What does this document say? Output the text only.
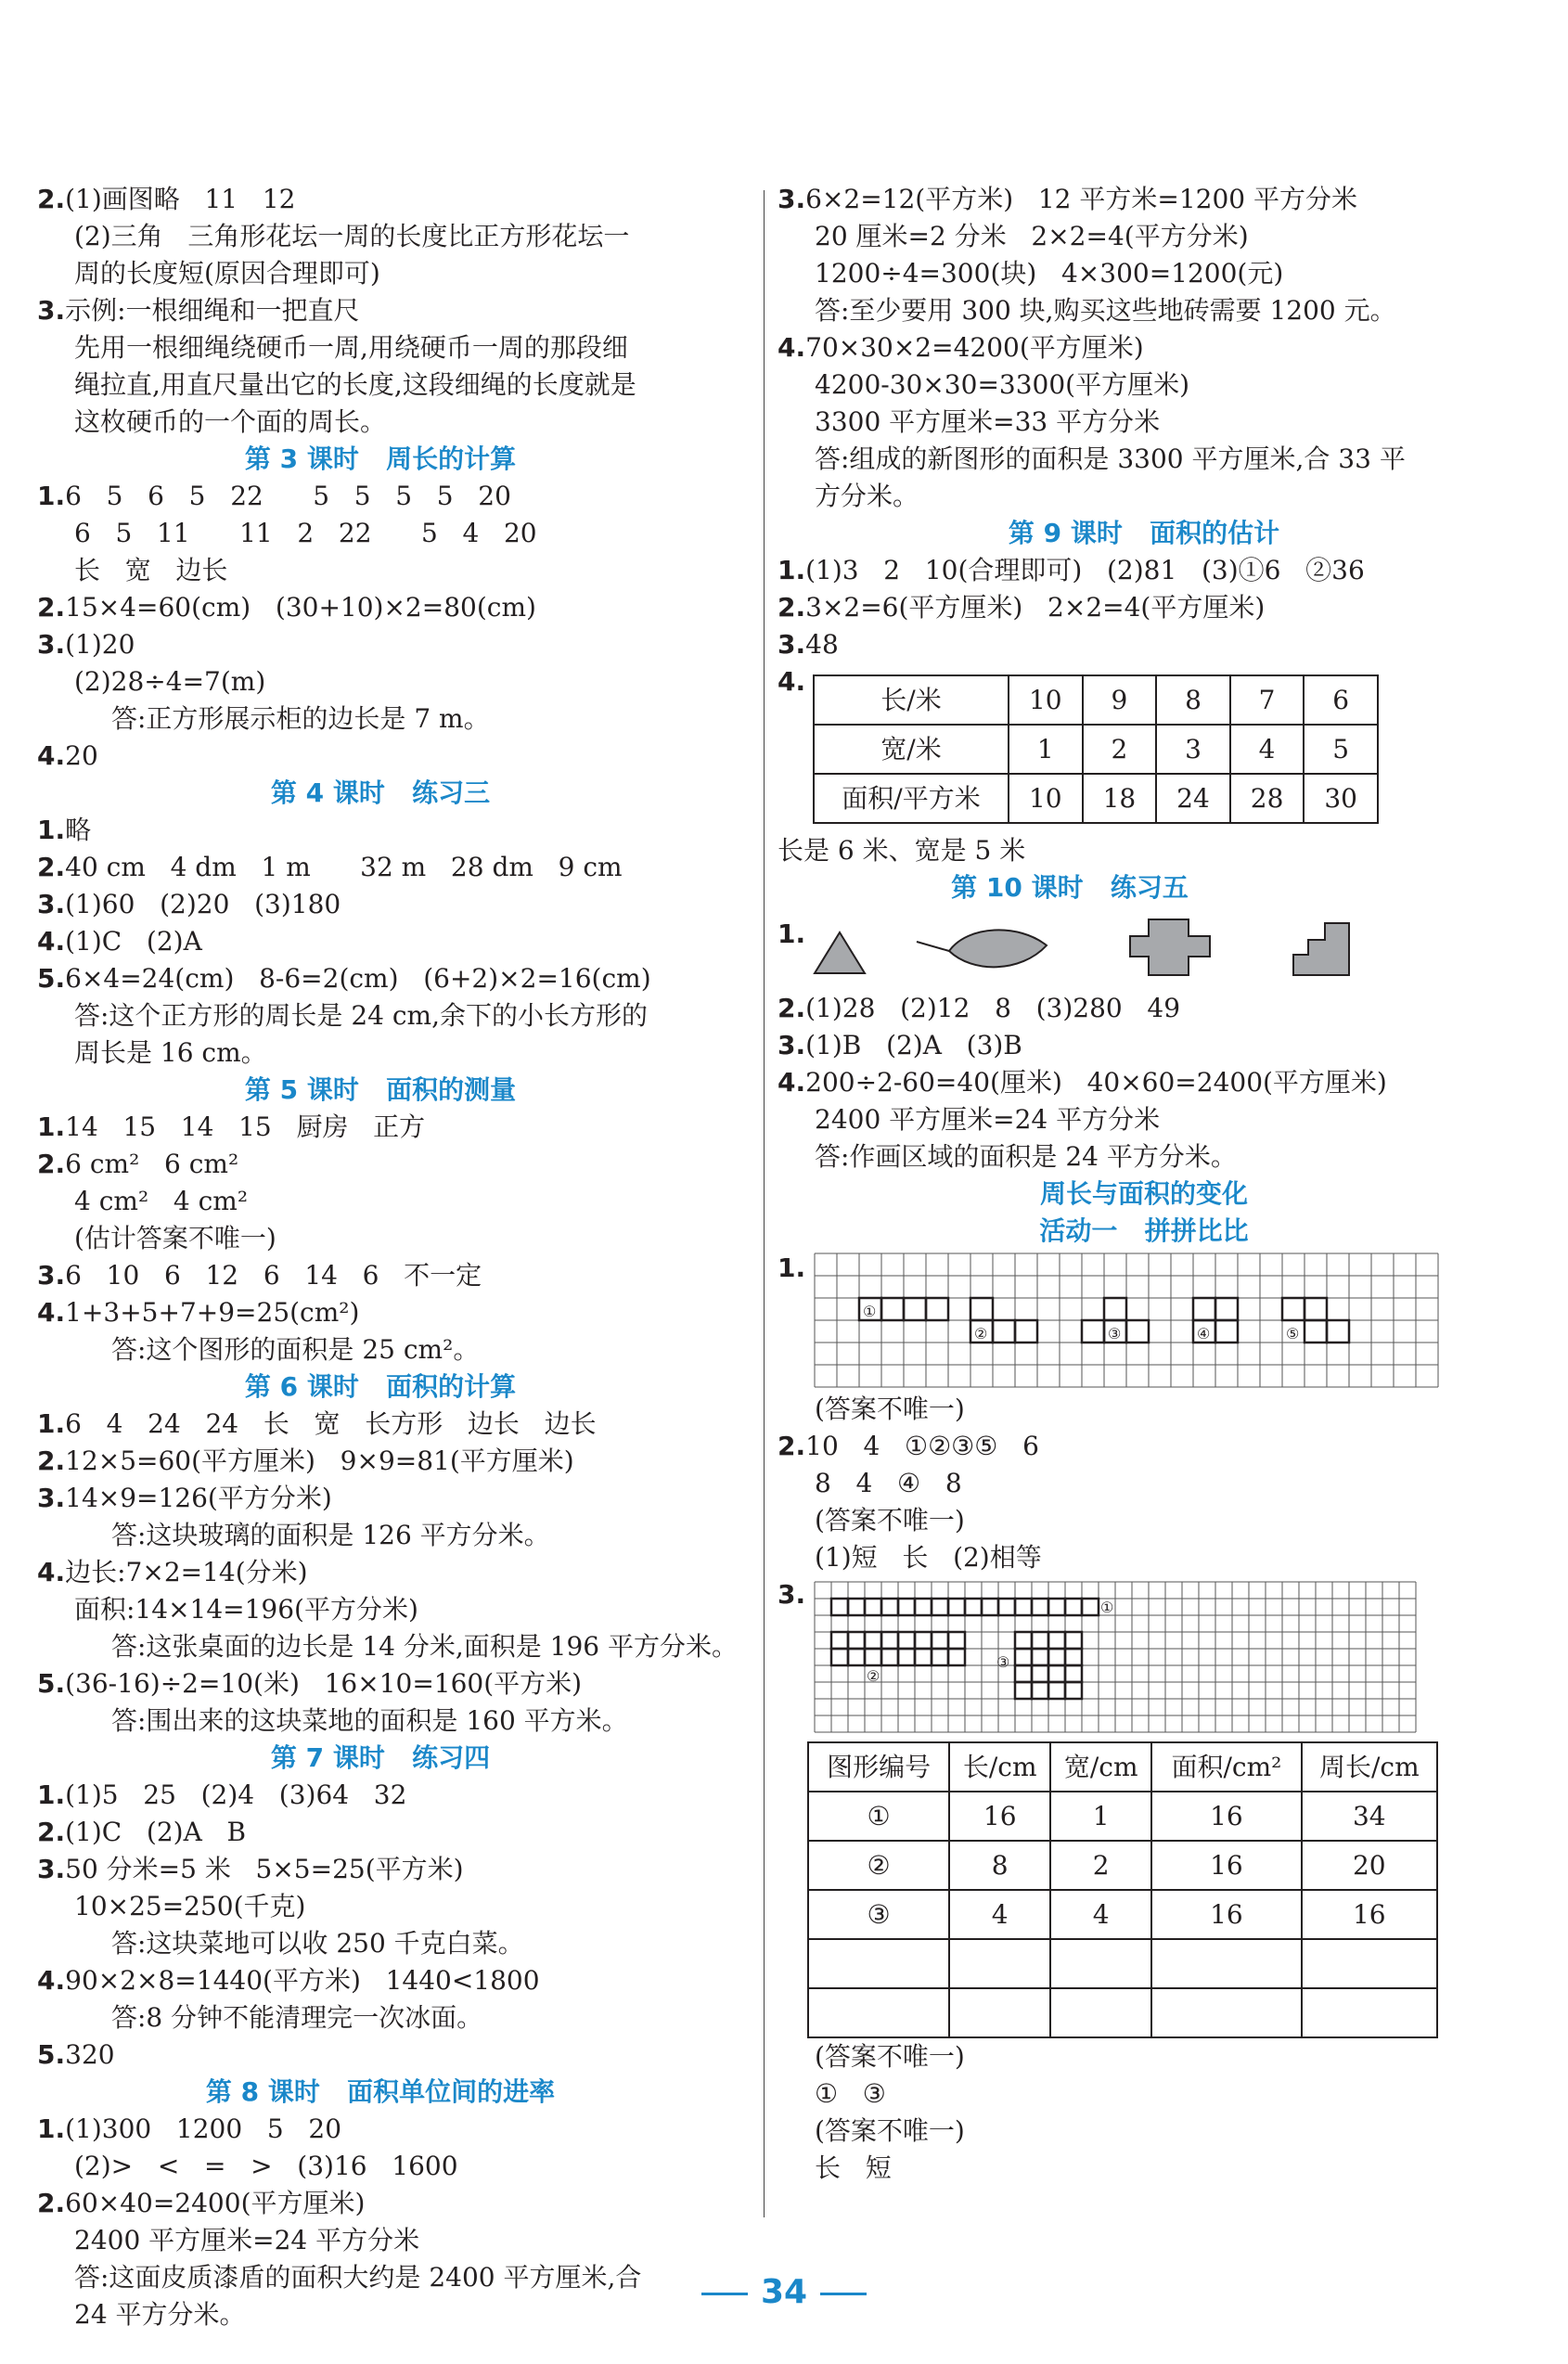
2.(1)画图略   11   12
(2)三角   三角形花坛一周的长度比正方形花坛一
周的长度短(原因合理即可)
3.示例:一根细绳和一把直尺
先用一根细绳绕硬币一周,用绕硬币一周的那段细
绳拉直,用直尺量出它的长度,这段细绳的长度就是
这枚硬币的一个面的周长。
第 3 课时   周长的计算
1.6   5   6   5   22      5   5   5   5   20
6   5   11      11   2   22      5   4   20
长   宽   边长
2.15×4=60(cm)   (30+10)×2=80(cm)
3.(1)20
(2)28÷4=7(m)
答:正方形展示柜的边长是 7 m。
4.20
第 4 课时   练习三
1.略
2.40 cm   4 dm   1 m      32 m   28 dm   9 cm
3.(1)60   (2)20   (3)180
4.(1)C   (2)A
5.6×4=24(cm)   8-6=2(cm)   (6+2)×2=16(cm)
答:这个正方形的周长是 24 cm,余下的小长方形的
周长是 16 cm。
第 5 课时   面积的测量
1.14   15   14   15   厨房   正方
2.6 cm²   6 cm²
4 cm²   4 cm²
(估计答案不唯一)
3.6   10   6   12   6   14   6   不一定
4.1+3+5+7+9=25(cm²)
答:这个图形的面积是 25 cm²。
第 6 课时   面积的计算
1.6   4   24   24   长   宽   长方形   边长   边长
2.12×5=60(平方厘米)   9×9=81(平方厘米)
3.14×9=126(平方分米)
答:这块玻璃的面积是 126 平方分米。
4.边长:7×2=14(分米)
面积:14×14=196(平方分米)
答:这张桌面的边长是 14 分米,面积是 196 平方分米。
5.(36-16)÷2=10(米)   16×10=160(平方米)
答:围出来的这块菜地的面积是 160 平方米。
第 7 课时   练习四
1.(1)5   25   (2)4   (3)64   32
2.(1)C   (2)A   B
3.50 分米=5 米   5×5=25(平方米)
10×25=250(千克)
答:这块菜地可以收 250 千克白菜。
4.90×2×8=1440(平方米)   1440<1800
答:8 分钟不能清理完一次冰面。
5.320
第 8 课时   面积单位间的进率
1.(1)300   1200   5   20
(2)>   <   =   >   (3)16   1600
2.60×40=2400(平方厘米)
2400 平方厘米=24 平方分米
答:这面皮质漆盾的面积大约是 2400 平方厘米,合
24 平方分米。
3.6×2=12(平方米)   12 平方米=1200 平方分米
20 厘米=2 分米   2×2=4(平方分米)
1200÷4=300(块)   4×300=1200(元)
答:至少要用 300 块,购买这些地砖需要 1200 元。
4.70×30×2=4200(平方厘米)
4200-30×30=3300(平方厘米)
3300 平方厘米=33 平方分米
答:组成的新图形的面积是 3300 平方厘米,合 33 平
方分米。
第 9 课时   面积的估计
1.(1)3   2   10(合理即可)   (2)81   (3)①6   ②36
2.3×2=6(平方厘米)   2×2=4(平方厘米)
3.48
4.
长/米	10	9	8	7	6
宽/米	1	2	3	4	5
面积/平方米	10	18	24	28	30
长是 6 米、宽是 5 米
第 10 课时   练习五
1.
2.(1)28   (2)12   8   (3)280   49
3.(1)B   (2)A   (3)B
4.200÷2-60=40(厘米)   40×60=2400(平方厘米)
2400 平方厘米=24 平方分米
答:作画区域的面积是 24 平方分米。
周长与面积的变化
活动一   拼拼比比
1.
①
②	③	④	⑤
(答案不唯一)
2.10   4   ①②③⑤   6
8   4   ④   8
(答案不唯一)
(1)短   长   (2)相等
3.	①
②
③
图形编号	长/cm	宽/cm	面积/cm²	周长/cm
①	16	1	16	34
②	8	2	16	20
③	4	4	16	16

(答案不唯一)
①   ③
(答案不唯一)
长   短
34
